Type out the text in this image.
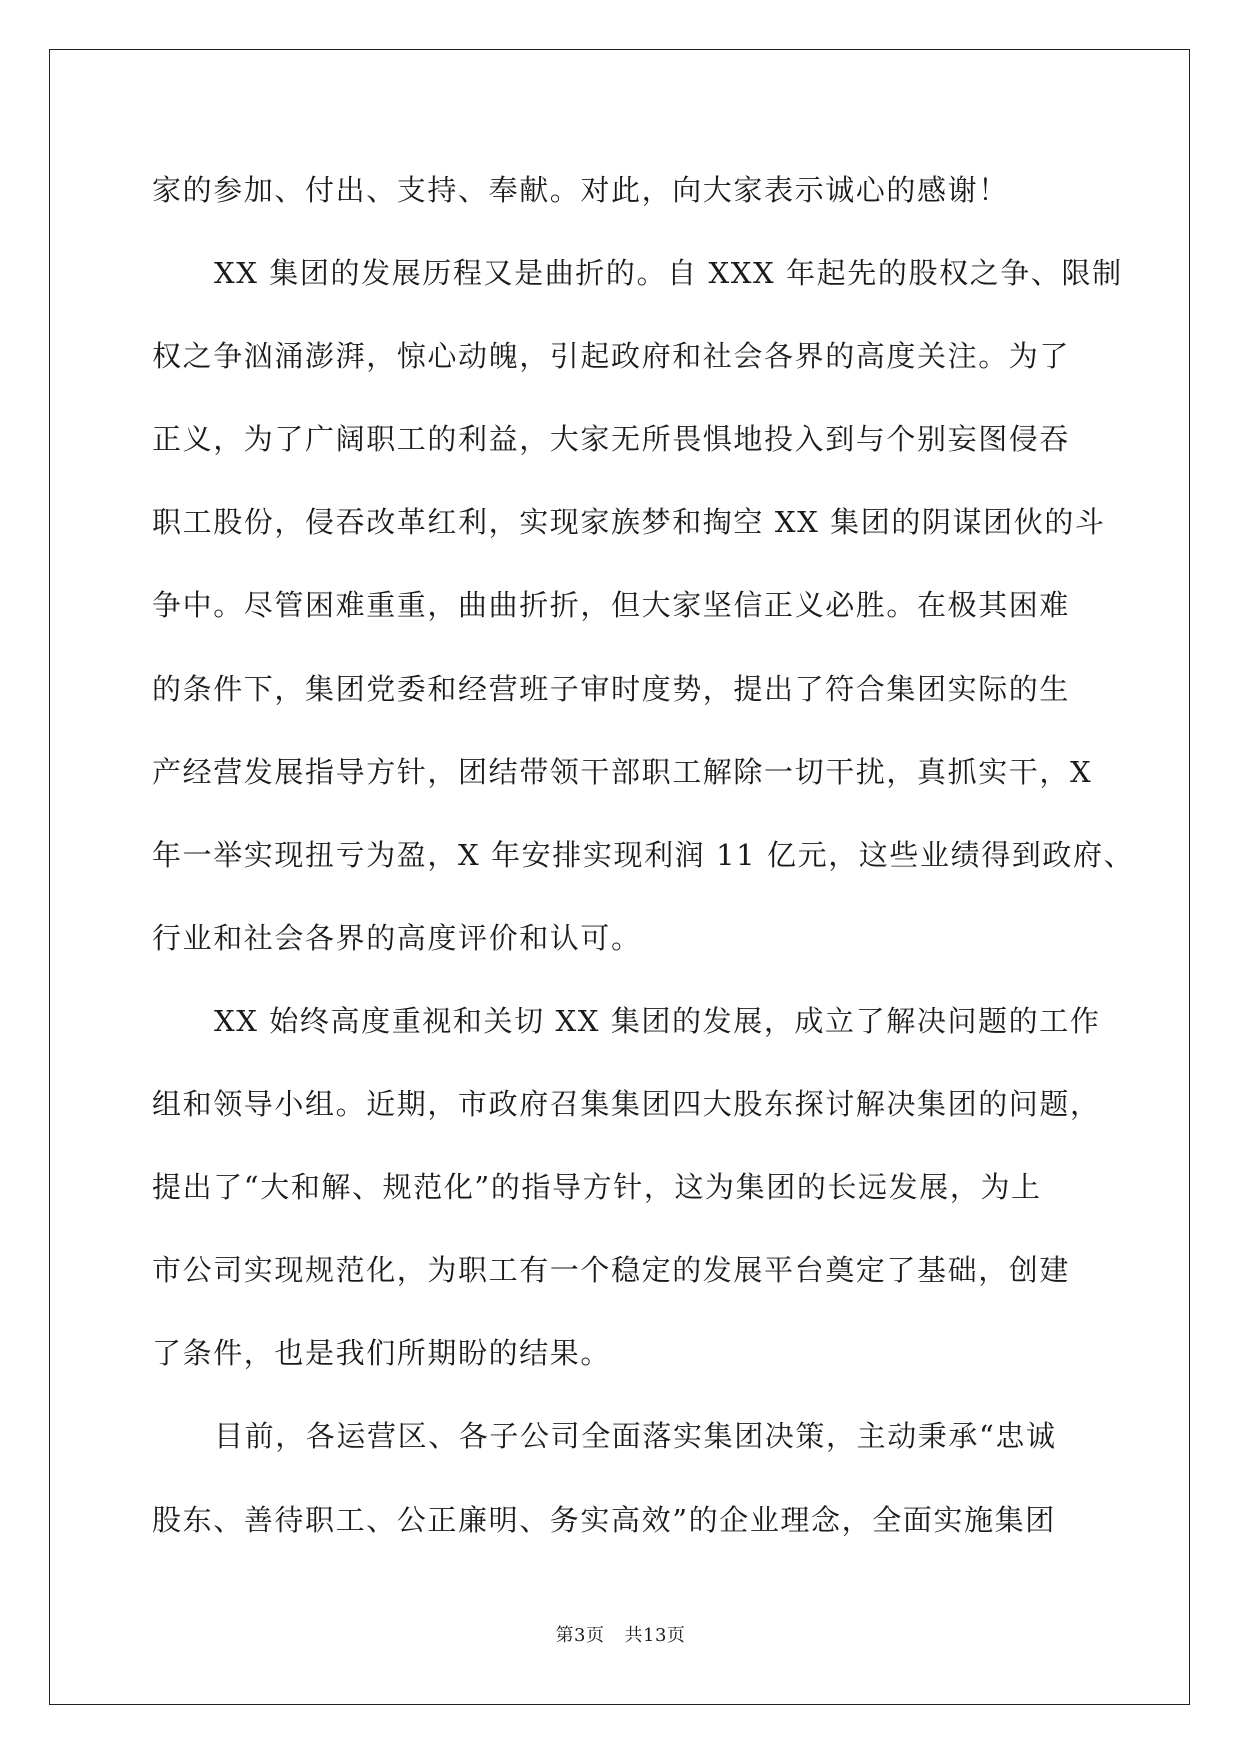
家的参加、付出、支持、奉献。对此，向大家表示诚心的感谢！
XX 集团的发展历程又是曲折的。自 XXX 年起先的股权之争、限制
权之争汹涌澎湃，惊心动魄，引起政府和社会各界的高度关注。为了
正义，为了广阔职工的利益，大家无所畏惧地投入到与个别妄图侵吞
职工股份，侵吞改革红利，实现家族梦和掏空 XX 集团的阴谋团伙的斗
争中。尽管困难重重，曲曲折折，但大家坚信正义必胜。在极其困难
的条件下，集团党委和经营班子审时度势，提出了符合集团实际的生
产经营发展指导方针，团结带领干部职工解除一切干扰，真抓实干，X
年一举实现扭亏为盈，X 年安排实现利润 11 亿元，这些业绩得到政府、
行业和社会各界的高度评价和认可。
XX 始终高度重视和关切 XX 集团的发展，成立了解决问题的工作
组和领导小组。近期，市政府召集集团四大股东探讨解决集团的问题，
提出了“大和解、规范化”的指导方针，这为集团的长远发展，为上
市公司实现规范化，为职工有一个稳定的发展平台奠定了基础，创建
了条件，也是我们所期盼的结果。
目前，各运营区、各子公司全面落实集团决策，主动秉承“忠诚
股东、善待职工、公正廉明、务实高效”的企业理念，全面实施集团
第3页 共13页
